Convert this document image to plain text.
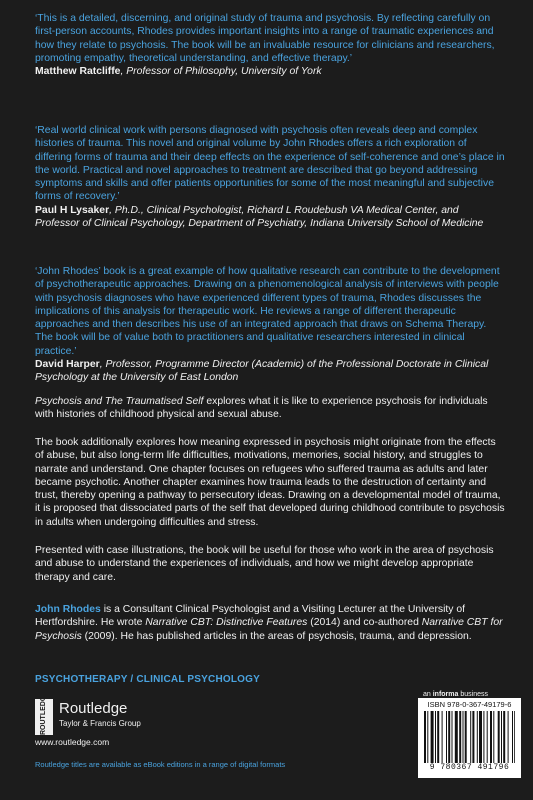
‘This is a detailed, discerning, and original study of trauma and psychosis. By reflecting carefully on first-person accounts, Rhodes provides important insights into a range of traumatic experiences and how they relate to psychosis. The book will be an invaluable resource for clinicians and researchers, promoting empathy, theoretical understanding, and effective therapy.’

Matthew Ratcliffe, Professor of Philosophy, University of York

‘Real world clinical work with persons diagnosed with psychosis often reveals deep and complex histories of trauma. This novel and original volume by John Rhodes offers a rich exploration of differing forms of trauma and their deep effects on the experience of self-coherence and one’s place in the world. Practical and novel approaches to treatment are described that go beyond addressing symptoms and skills and offer patients opportunities for some of the most meaningful and subjective forms of recovery.’

Paul H Lysaker, Ph.D., Clinical Psychologist, Richard L Roudebush VA Medical Center, and Professor of Clinical Psychology, Department of Psychiatry, Indiana University School of Medicine

‘John Rhodes’ book is a great example of how qualitative research can contribute to the development of psychotherapeutic approaches. Drawing on a phenomenological analysis of interviews with people with psychosis diagnoses who have experienced different types of trauma, Rhodes discusses the implications of this analysis for therapeutic work. He reviews a range of different therapeutic approaches and then describes his use of an integrated approach that draws on Schema Therapy. The book will be of value both to practitioners and qualitative researchers interested in clinical practice.’

David Harper, Professor, Programme Director (Academic) of the Professional Doctorate in Clinical Psychology at the University of East London

Psychosis and The Traumatised Self explores what it is like to experience psychosis for individuals with histories of childhood physical and sexual abuse.

The book additionally explores how meaning expressed in psychosis might originate from the effects of abuse, but also long-term life difficulties, motivations, memories, social history, and struggles to narrate and understand. One chapter focuses on refugees who suffered trauma as adults and later became psychotic. Another chapter examines how trauma leads to the destruction of certainty and trust, thereby opening a pathway to persecutory ideas. Drawing on a developmental model of trauma, it is proposed that dissociated parts of the self that developed during childhood contribute to psychosis in adults when undergoing difficulties and stress.

Presented with case illustrations, the book will be useful for those who work in the area of psychosis and abuse to understand the experiences of individuals, and how we might develop appropriate therapy and care.

John Rhodes is a Consultant Clinical Psychologist and a Visiting Lecturer at the University of Hertfordshire. He wrote Narrative CBT: Distinctive Features (2014) and co-authored Narrative CBT for Psychosis (2009). He has published articles in the areas of psychosis, trauma, and depression.

PSYCHOTHERAPY / CLINICAL PSYCHOLOGY
ROUTLEDGE Routledge
Taylor & Francis Group
www.routledge.com
Routledge titles are available as eBook editions in a range of digital formats
an informa business
ISBN 978-0-367-49179-6
9 780367 491796
